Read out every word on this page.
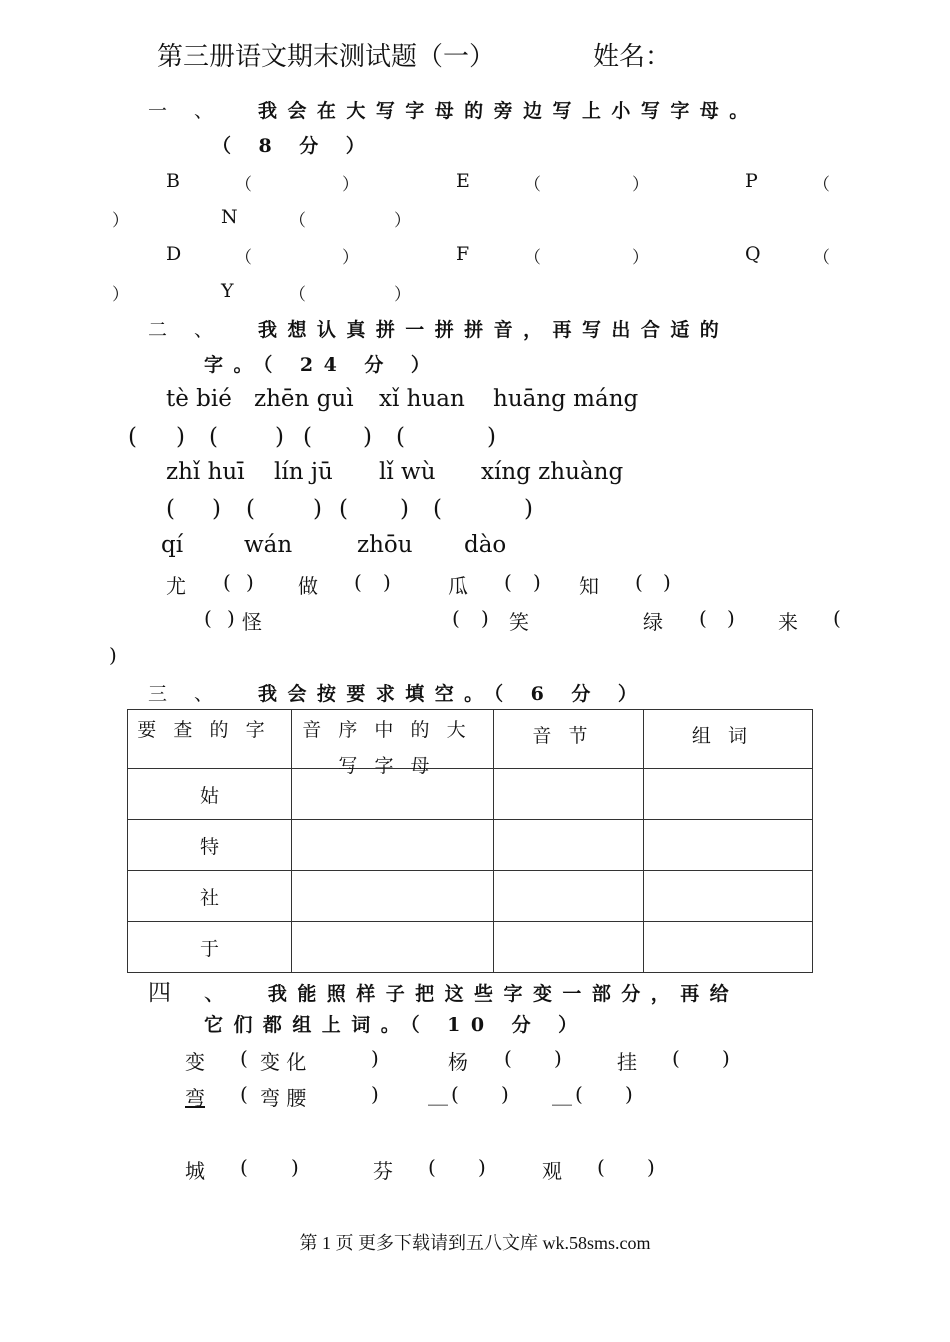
第三册语文期末测试题（一）	姓名：
一 、 我会在大写字母的旁边写上小写字母。
（ 8 分 ）
B	（	）	E	（	）	P	（
）	N	（	）
D	（	）	F	（	）	Q	（
）	Y	（	）
二 、 我想认真拼一拼拼音，再写出合适的
字。（ 24 分 ）
tè bié zhēn guì xǐ huan huāng máng
( ) ( ) ( ) (	)
zhǐ huī lín jū lǐ wù xíng zhuàng
( ) (	) ( ) (	)
qí	wán	zhōu dào
尤 ( ) 做 ( )	瓜 ( ) 知 ( )
( ) 怪	( ) 笑	绿 ( ) 来 (
)
三 、 我会按要求填空。（ 6 分 ）
要查的字	音序中的大写字母	音节	组词

姑			
特			
社			
于			
四 、 我能照样子把这些字变一部分，再给
它们都组上词。（ 10 分 ）
变 ( 变 化	)	杨 ( )	挂 ( )
弯	( 弯 腰	) __ ( ) __ ( )
城 ( )	芬 ( )	观 ( )
第 1 页 更多下载请到五八文库 wk.58sms.com
